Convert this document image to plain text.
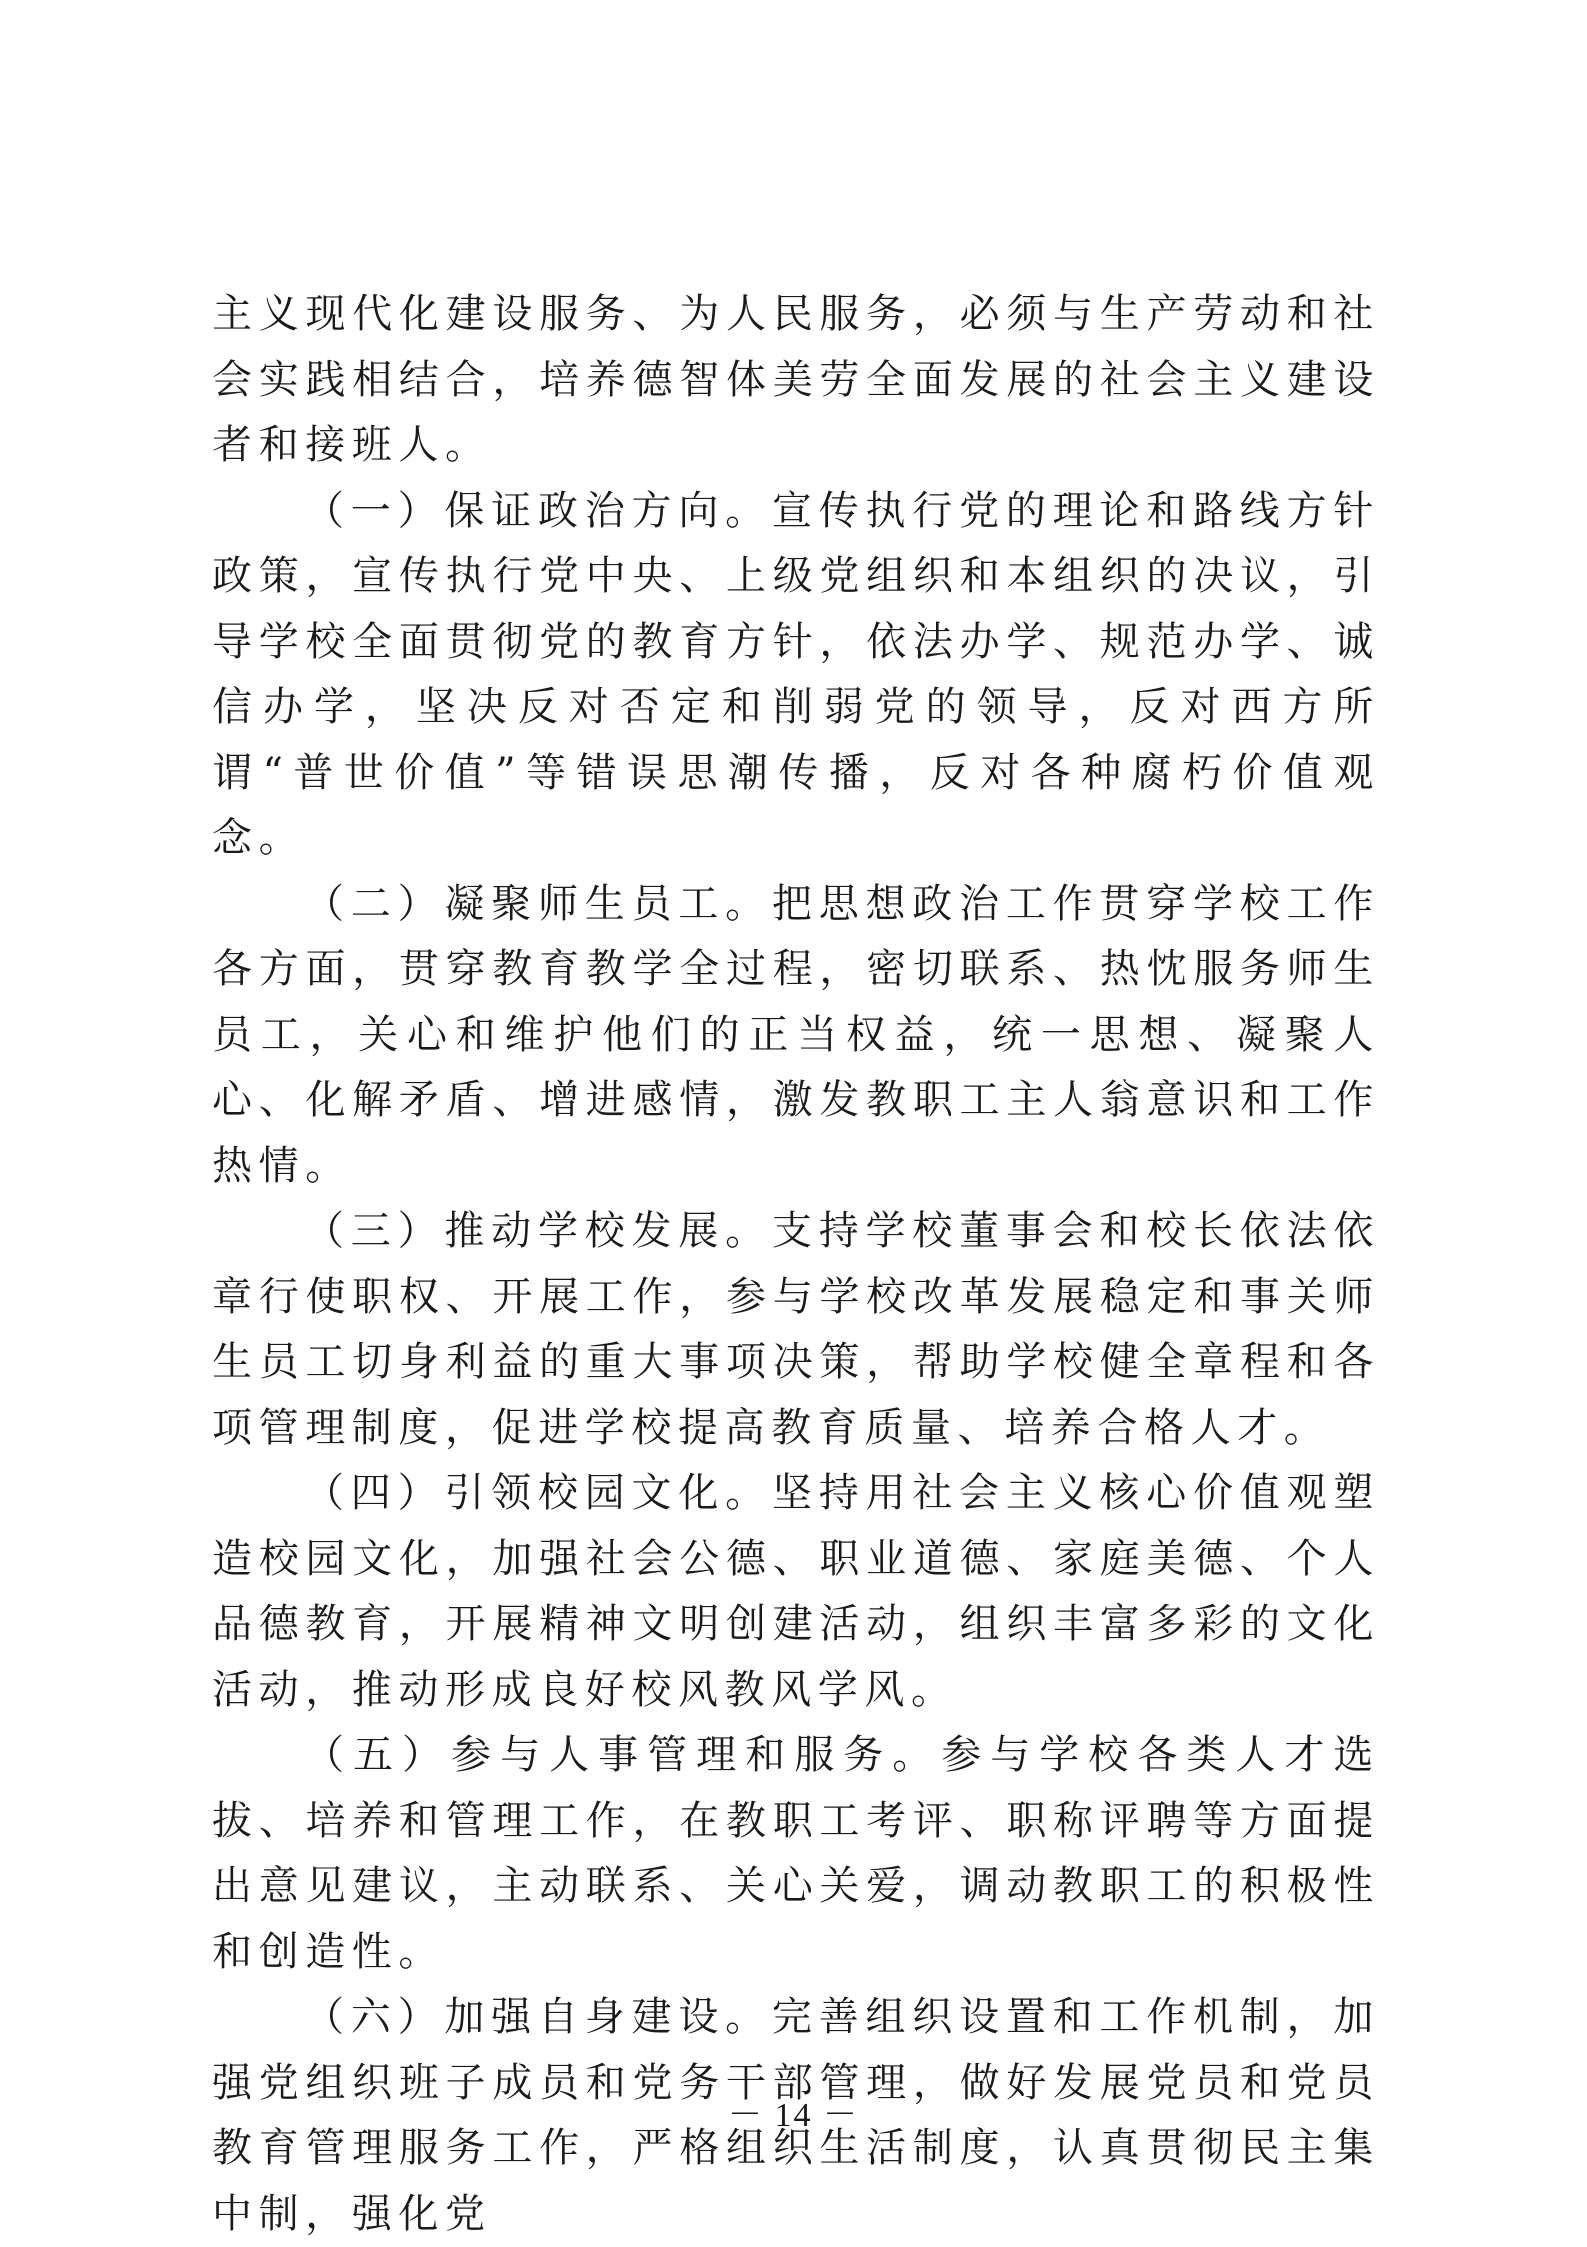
主义现代化建设服务、为人民服务，必须与生产劳动和社会实践相结合，培养德智体美劳全面发展的社会主义建设者和接班人。

（一）保证政治方向。宣传执行党的理论和路线方针政策，宣传执行党中央、上级党组织和本组织的决议，引导学校全面贯彻党的教育方针，依法办学、规范办学、诚信办学，坚决反对否定和削弱党的领导，反对西方所谓“普世价值”等错误思潮传播，反对各种腐朽价值观念。

（二）凝聚师生员工。把思想政治工作贯穿学校工作各方面，贯穿教育教学全过程，密切联系、热忱服务师生员工，关心和维护他们的正当权益，统一思想、凝聚人心、化解矛盾、增进感情，激发教职工主人翁意识和工作热情。

（三）推动学校发展。支持学校董事会和校长依法依章行使职权、开展工作，参与学校改革发展稳定和事关师生员工切身利益的重大事项决策，帮助学校健全章程和各项管理制度，促进学校提高教育质量、培养合格人才。

（四）引领校园文化。坚持用社会主义核心价值观塑造校园文化，加强社会公德、职业道德、家庭美德、个人品德教育，开展精神文明创建活动，组织丰富多彩的文化活动，推动形成良好校风教风学风。

（五）参与人事管理和服务。参与学校各类人才选拔、培养和管理工作，在教职工考评、职称评聘等方面提出意见建议，主动联系、关心关爱，调动教职工的积极性和创造性。

（六）加强自身建设。完善组织设置和工作机制，加强党组织班子成员和党务干部管理，做好发展党员和党员教育管理服务工作，严格组织生活制度，认真贯彻民主集中制，强化党

－ 14 －
